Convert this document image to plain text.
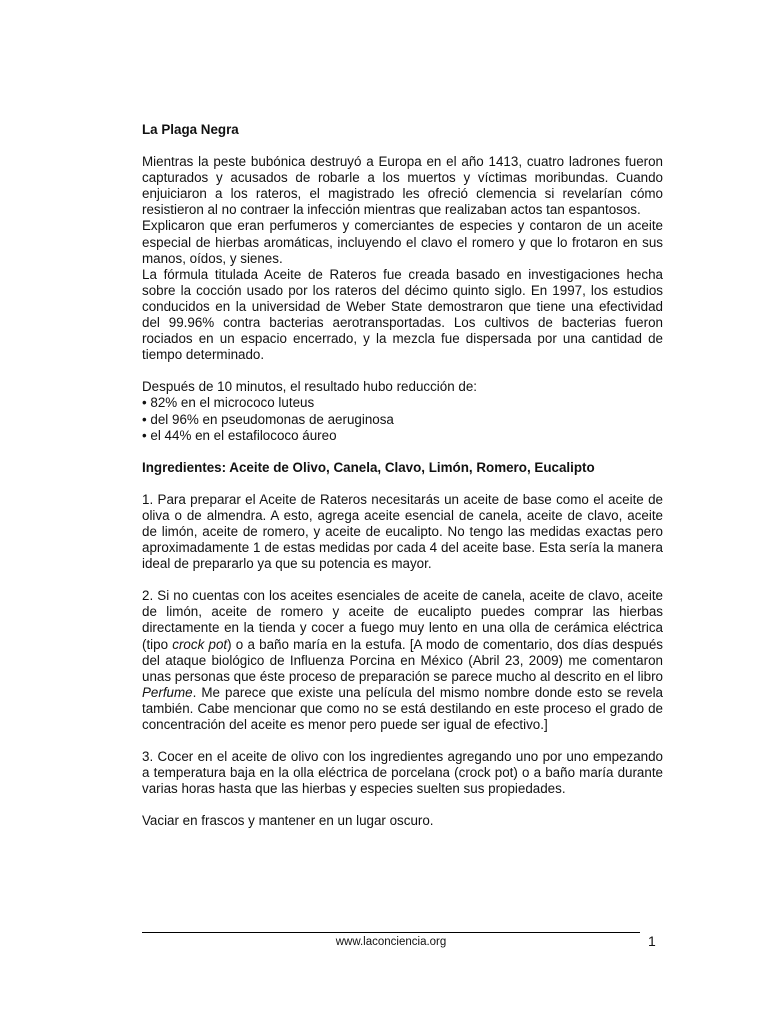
La Plaga Negra

Mientras la peste bubónica destruyó a Europa en el año 1413, cuatro ladrones fueron capturados y acusados de robarle a los muertos y víctimas moribundas. Cuando enjuiciaron a los rateros, el magistrado les ofreció clemencia si revelarían cómo resistieron al no contraer la infección mientras que realizaban actos tan espantosos.

Explicaron que eran perfumeros y comerciantes de especies y contaron de un aceite especial de hierbas aromáticas, incluyendo el clavo el romero y que lo frotaron en sus manos, oídos, y sienes.

La fórmula titulada Aceite de Rateros fue creada basado en investigaciones hecha sobre la cocción usado por los rateros del décimo quinto siglo. En 1997, los estudios conducidos en la universidad de Weber State demostraron que tiene una efectividad del 99.96% contra bacterias aerotransportadas. Los cultivos de bacterias fueron rociados en un espacio encerrado, y la mezcla fue dispersada por una cantidad de tiempo determinado.

Después de 10 minutos, el resultado hubo reducción de:

• 82% en el micrococo luteus
• del 96% en pseudomonas de aeruginosa
• el 44% en el estafilococo áureo

Ingredientes: Aceite de Olivo, Canela, Clavo, Limón, Romero, Eucalipto

1. Para preparar el Aceite de Rateros necesitarás un aceite de base como el aceite de oliva o de almendra. A esto, agrega aceite esencial de canela, aceite de clavo, aceite de limón, aceite de romero, y aceite de eucalipto. No tengo las medidas exactas pero aproximadamente 1 de estas medidas por cada 4 del aceite base. Esta sería la manera ideal de prepararlo ya que su potencia es mayor.

2. Si no cuentas con los aceites esenciales de aceite de canela, aceite de clavo, aceite de limón, aceite de romero y aceite de eucalipto puedes comprar las hierbas directamente en la tienda y cocer a fuego muy lento en una olla de cerámica eléctrica (tipo crock pot) o a baño maría en la estufa. [A modo de comentario, dos días después del ataque biológico de Influenza Porcina en México (Abril 23, 2009) me comentaron unas personas que éste proceso de preparación se parece mucho al descrito en el libro Perfume. Me parece que existe una película del mismo nombre donde esto se revela también. Cabe mencionar que como no se está destilando en este proceso el grado de concentración del aceite es menor pero puede ser igual de efectivo.]

3. Cocer en el aceite de olivo con los ingredientes agregando uno por uno empezando a temperatura baja en la olla eléctrica de porcelana (crock pot) o a baño maría durante varias horas hasta que las hierbas y especies suelten sus propiedades.

Vaciar en frascos y mantener en un lugar oscuro.

www.laconciencia.org	1
